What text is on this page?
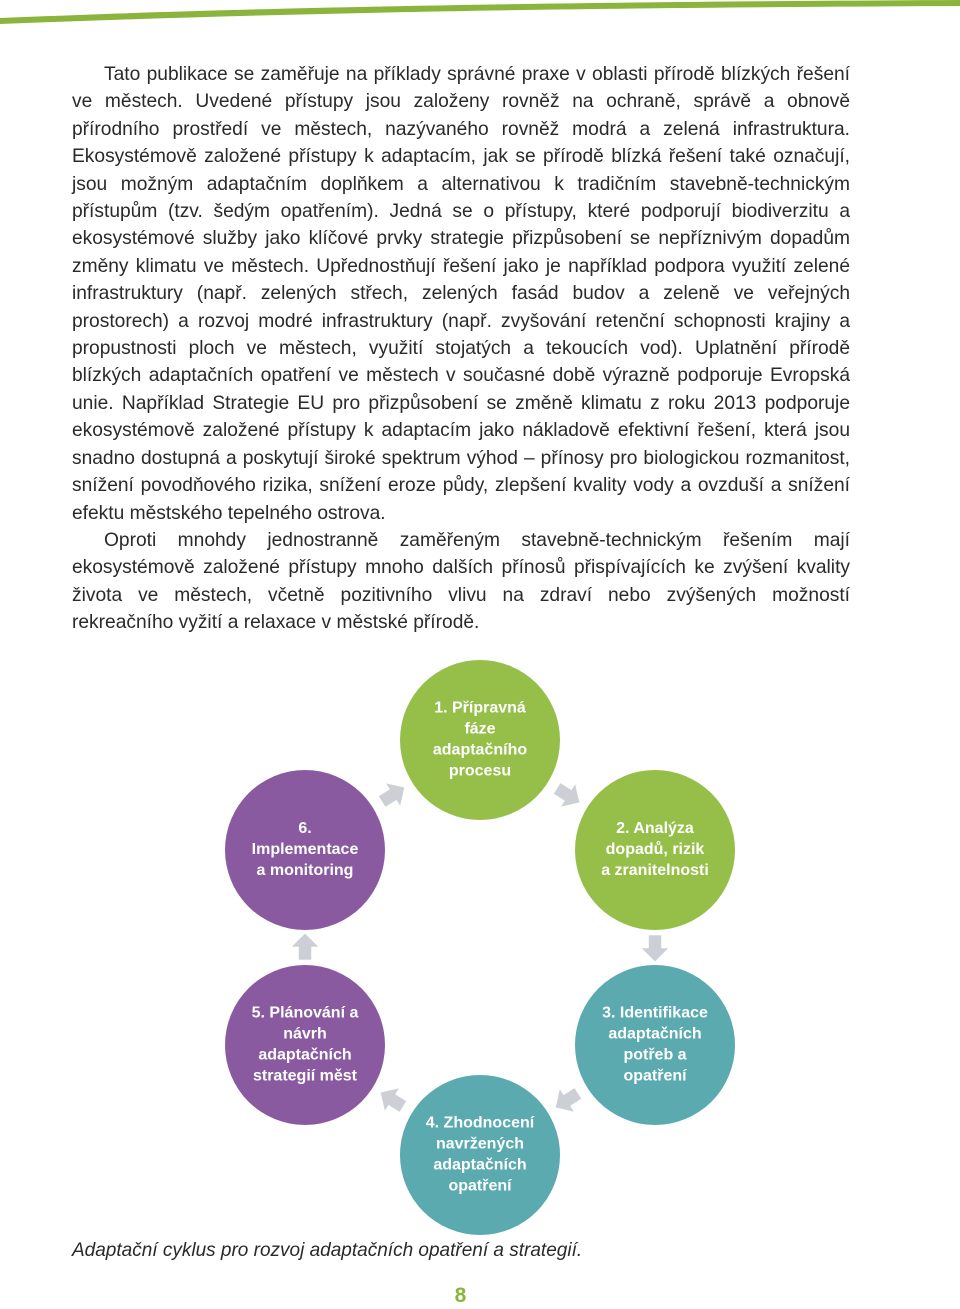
Tato publikace se zaměřuje na příklady správné praxe v oblasti přírodě blízkých řešení ve městech. Uvedené přístupy jsou založeny rovněž na ochraně, správě a obnově přírodního prostředí ve městech, nazývaného rovněž modrá a zelená infrastruktura. Ekosystémově založené přístupy k adaptacím, jak se přírodě blízká řešení také označují, jsou možným adaptačním doplňkem a alternativou k tradičním stavebně-technickým přístupům (tzv. šedým opatřením). Jedná se o přístupy, které podporují biodiverzitu a ekosystémové služby jako klíčové prvky strategie přizpůsobení se nepříznivým dopadům změny klimatu ve městech. Upřednostňují řešení jako je například podpora využití zelené infrastruktury (např. zelených střech, zelených fasád budov a zeleně ve veřejných prostorech) a rozvoj modré infrastruktury (např. zvyšování retenční schopnosti krajiny a propustnosti ploch ve městech, využití stojatých a tekoucích vod). Uplatnění přírodě blízkých adaptačních opatření ve městech v současné době výrazně podporuje Evropská unie. Například Strategie EU pro přizpůsobení se změně klimatu z roku 2013 podporuje ekosystémově založené přístupy k adaptacím jako nákladově efektivní řešení, která jsou snadno dostupná a poskytují široké spektrum výhod – přínosy pro biologickou rozmanitost, snížení povodňového rizika, snížení eroze půdy, zlepšení kvality vody a ovzduší a snížení efektu městského tepelného ostrova.

Oproti mnohdy jednostranně zaměřeným stavebně-technickým řešením mají ekosystémově založené přístupy mnoho dalších přínosů přispívajících ke zvýšení kvality života ve městech, včetně pozitivního vlivu na zdraví nebo zvýšených možností rekreačního vyžití a relaxace v městské přírodě.

1. Přípravná
fáze
adaptačního
procesu
2. Analýza
dopadů, rizik
a zranitelnosti
3. Identifikace
adaptačních
potřeb a
opatření
4. Zhodnocení
navržených
adaptačních
opatření
5. Plánování a
návrh
adaptačních
strategií měst
6.
Implementace
a monitoring
Adaptační cyklus pro rozvoj adaptačních opatření a strategií.
8
